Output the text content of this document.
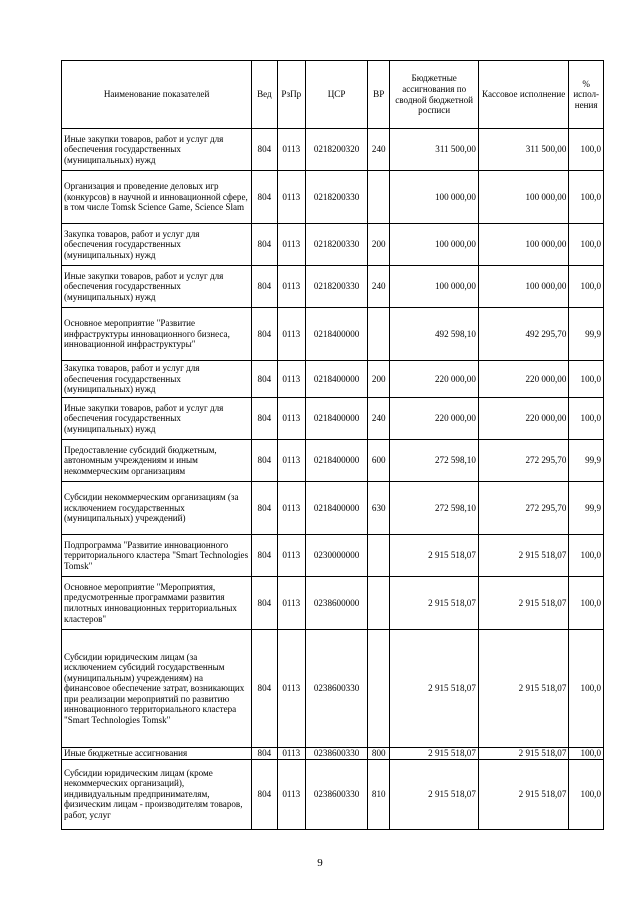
Наименование показателей	Вед	РзПр	ЦСР	ВР	Бюджетные ассигнования по сводной бюджетной росписи	Кассовое исполнение	% испол-нения
Иные закупки товаров, работ и услуг для обеспечения государственных (муниципальных) нужд	804	0113	0218200320	240	311 500,00	311 500,00	100,0
Организация и проведение деловых игр (конкурсов) в научной и инновационной сфере, в том числе Tomsk Science Game, Science Slam	804	0113	0218200330		100 000,00	100 000,00	100,0
Закупка товаров, работ и услуг для обеспечения государственных (муниципальных) нужд	804	0113	0218200330	200	100 000,00	100 000,00	100,0
Иные закупки товаров, работ и услуг для обеспечения государственных (муниципальных) нужд	804	0113	0218200330	240	100 000,00	100 000,00	100,0
Основное мероприятие "Развитие инфраструктуры инновационного бизнеса, инновационной инфраструктуры"	804	0113	0218400000		492 598,10	492 295,70	99,9
Закупка товаров, работ и услуг для обеспечения государственных (муниципальных) нужд	804	0113	0218400000	200	220 000,00	220 000,00	100,0
Иные закупки товаров, работ и услуг для обеспечения государственных (муниципальных) нужд	804	0113	0218400000	240	220 000,00	220 000,00	100,0
Предоставление субсидий бюджетным, автономным учреждениям и иным некоммерческим организациям	804	0113	0218400000	600	272 598,10	272 295,70	99,9
Субсидии некоммерческим организациям (за исключением государственных (муниципальных) учреждений)	804	0113	0218400000	630	272 598,10	272 295,70	99,9
Подпрограмма "Развитие инновационного территориального кластера "Smart Technologies Tomsk"	804	0113	0230000000		2 915 518,07	2 915 518,07	100,0
Основное мероприятие "Мероприятия, предусмотренные программами развития пилотных инновационных территориальных кластеров"	804	0113	0238600000		2 915 518,07	2 915 518,07	100,0
Субсидии юридическим лицам (за исключением субсидий государственным (муниципальным) учреждениям) на финансовое обеспечение затрат, возникающих при реализации мероприятий по развитию инновационного территориального кластера "Smart Technologies Tomsk"	804	0113	0238600330		2 915 518,07	2 915 518,07	100,0
Иные бюджетные ассигнования	804	0113	0238600330	800	2 915 518,07	2 915 518,07	100,0
Субсидии юридическим лицам (кроме некоммерческих организаций), индивидуальным предпринимателям, физическим лицам - производителям товаров, работ, услуг	804	0113	0238600330	810	2 915 518,07	2 915 518,07	100,0
9
